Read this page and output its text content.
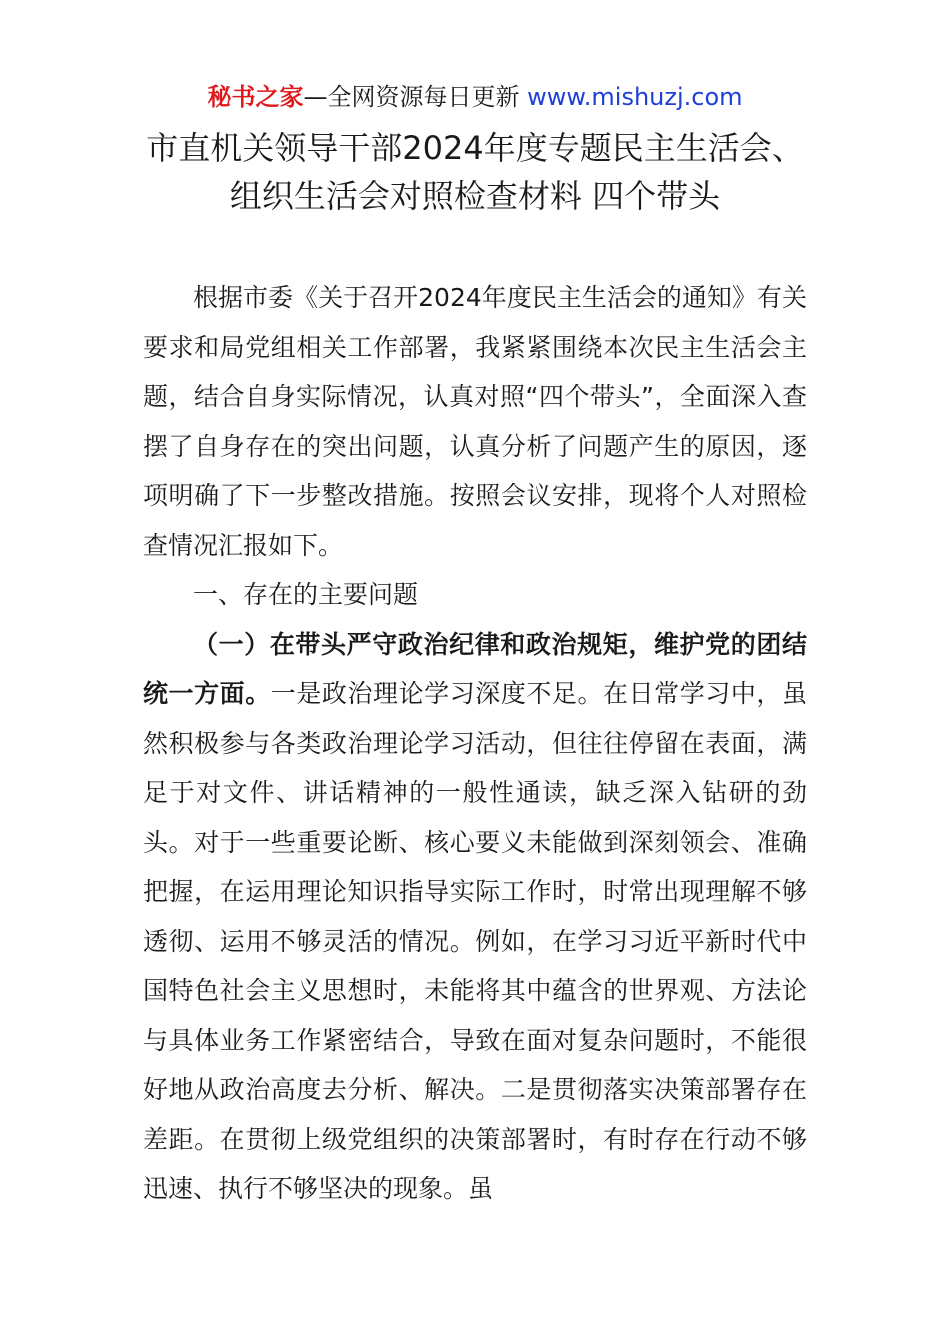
秘书之家—全网资源每日更新 www.mishuzj.com
市直机关领导干部2024年度专题民主生活会、
组织生活会对照检查材料 四个带头

根据市委《关于召开2024年度民主生活会的通知》有关要求和局党组相关工作部署，我紧紧围绕本次民主生活会主题，结合自身实际情况，认真对照“四个带头”，全面深入查摆了自身存在的突出问题，认真分析了问题产生的原因，逐项明确了下一步整改措施。按照会议安排，现将个人对照检查情况汇报如下。

一、存在的主要问题

（一）在带头严守政治纪律和政治规矩，维护党的团结统一方面。一是政治理论学习深度不足。在日常学习中，虽然积极参与各类政治理论学习活动，但往往停留在表面，满足于对文件、讲话精神的一般性通读，缺乏深入钻研的劲头。对于一些重要论断、核心要义未能做到深刻领会、准确把握，在运用理论知识指导实际工作时，时常出现理解不够透彻、运用不够灵活的情况。例如，在学习习近平新时代中国特色社会主义思想时，未能将其中蕴含的世界观、方法论与具体业务工作紧密结合，导致在面对复杂问题时，不能很好地从政治高度去分析、解决。二是贯彻落实决策部署存在差距。在贯彻上级党组织的决策部署时，有时存在行动不够迅速、执行不够坚决的现象。虽
